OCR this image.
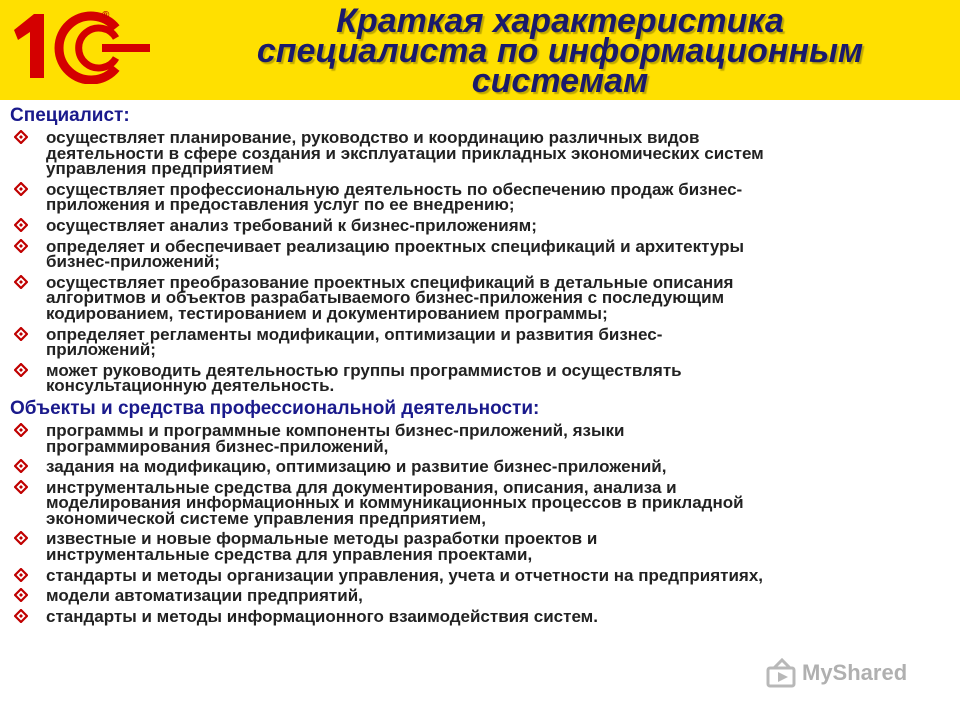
®	Краткая характеристика
специалиста по информационным
системам
Специалист:
осуществляет планирование, руководство и координацию различных видов
деятельности в сфере создания и эксплуатации прикладных экономических систем
управления предприятием
осуществляет профессиональную деятельность по обеспечению продаж бизнес-
приложения и предоставления услуг по ее внедрению;
осуществляет анализ требований к бизнес-приложениям;
определяет и обеспечивает реализацию проектных спецификаций и архитектуры
бизнес-приложений;
осуществляет преобразование проектных спецификаций в детальные описания
алгоритмов и объектов разрабатываемого бизнес-приложения с последующим
кодированием, тестированием и документированием программы;
определяет регламенты модификации, оптимизации и развития бизнес-
приложений;
может руководить деятельностью группы программистов и осуществлять
консультационную деятельность.
Объекты и средства профессиональной деятельности:
программы и программные компоненты бизнес-приложений, языки
программирования бизнес-приложений,
задания на модификацию, оптимизацию и развитие бизнес-приложений,
инструментальные средства для документирования, описания, анализа и
моделирования информационных и коммуникационных процессов в прикладной
экономической системе управления предприятием,
известные и новые формальные методы разработки проектов и
инструментальные средства для управления проектами,
стандарты и методы организации управления, учета и отчетности на предприятиях,
модели автоматизации предприятий,
стандарты и методы информационного взаимодействия систем.
MyShared
